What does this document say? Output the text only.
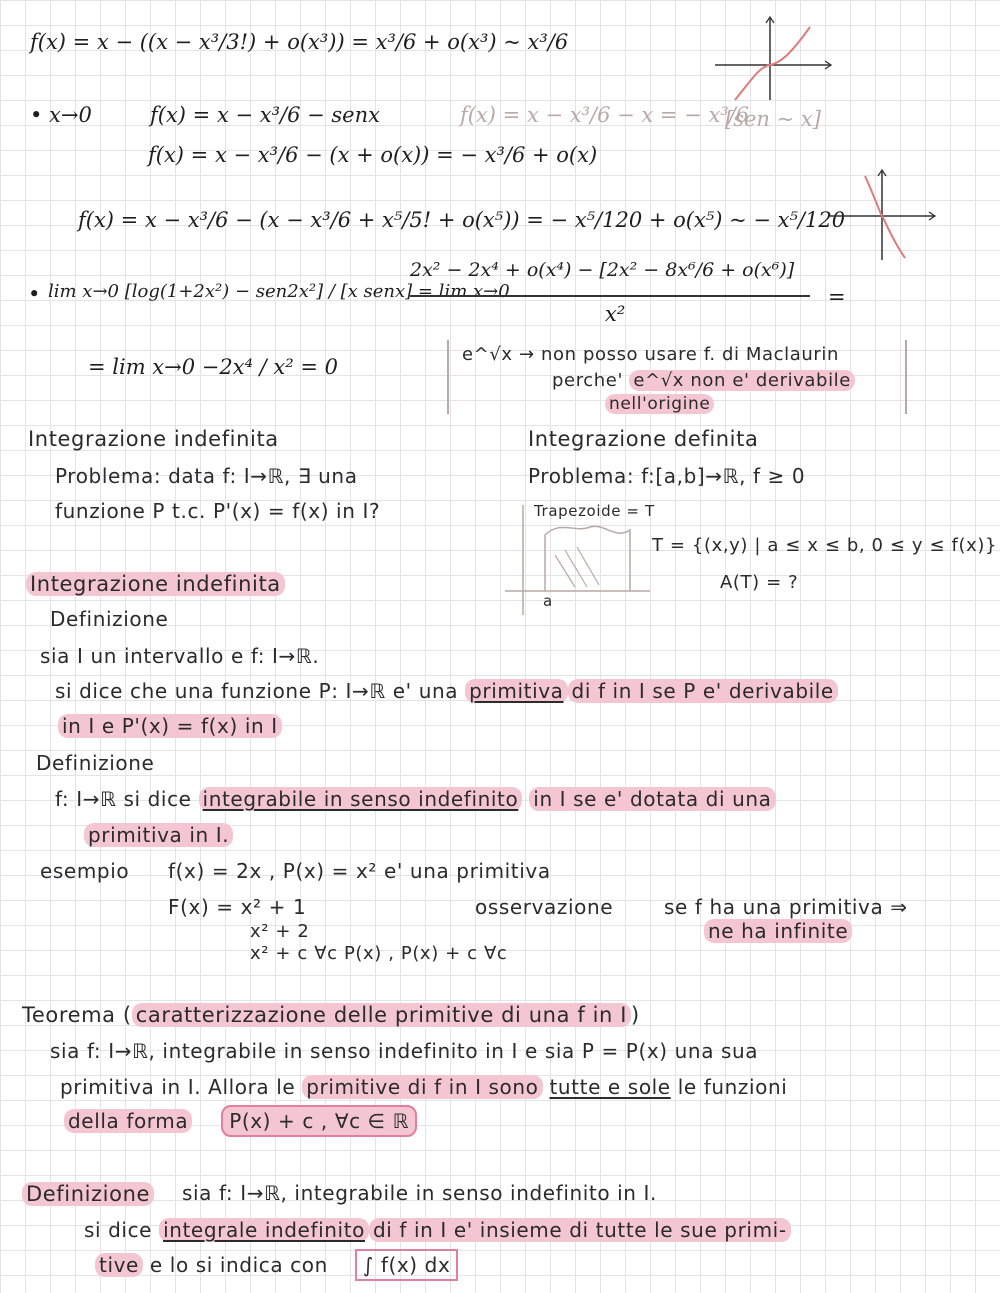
f(x) = x − ((x − x³/3!) + o(x³)) = x³/6 + o(x³) ~ x³/6
• x→0	f(x) = x − x³/6 − senx	f(x) = x − x³/6 − x = − x³/6
[sen ~ x]
f(x) = x − x³/6 − (x + o(x)) = − x³/6 + o(x)
f(x) = x − x³/6 − (x − x³/6 + x⁵/5! + o(x⁵)) = − x⁵/120 + o(x⁵) ~ − x⁵/120
• lim x→0 [log(1+2x²) − sen2x²] / [x senx] = lim x→0
2x² − 2x⁴ + o(x⁴) − [2x² − 8x⁶/6 + o(x⁶)]
x²
=
= lim x→0 −2x⁴ / x² = 0
e^√x → non posso usare f. di Maclaurin
perche' e^√x non e' derivabile
nell'origine
Integrazione indefinita	Integrazione definita
Problema: data f: I→ℝ, ∃ una
funzione P t.c. P'(x) = f(x) in I?
Problema: f:[a,b]→ℝ, f ≥ 0
Trapezoide = T
T = {(x,y) | a ≤ x ≤ b, 0 ≤ y ≤ f(x)}
A(T) = ?
a
Integrazione indefinita
Definizione
sia I un intervallo e f: I→ℝ.
si dice che una funzione P: I→ℝ e' una primitiva di f in I se P e' derivabile
in I e P'(x) = f(x) in I
Definizione
f: I→ℝ si dice integrabile in senso indefinito in I se e' dotata di una
primitiva in I.
esempio f(x) = 2x , P(x) = x² e' una primitiva
F(x) = x² + 1
x² + 2
x² + c ∀c P(x) , P(x) + c ∀c
osservazione	se f ha una primitiva ⇒
ne ha infinite
Teorema ( caratterizzazione delle primitive di una f in I )
sia f: I→ℝ, integrabile in senso indefinito in I e sia P = P(x) una sua
primitiva in I. Allora le primitive di f in I sono tutte e sole le funzioni
della forma P(x) + c , ∀c ∈ ℝ
Definizione sia f: I→ℝ, integrabile in senso indefinito in I.
si dice integrale indefinito di f in I e' insieme di tutte le sue primi-
tive e lo si indica con ∫ f(x) dx
